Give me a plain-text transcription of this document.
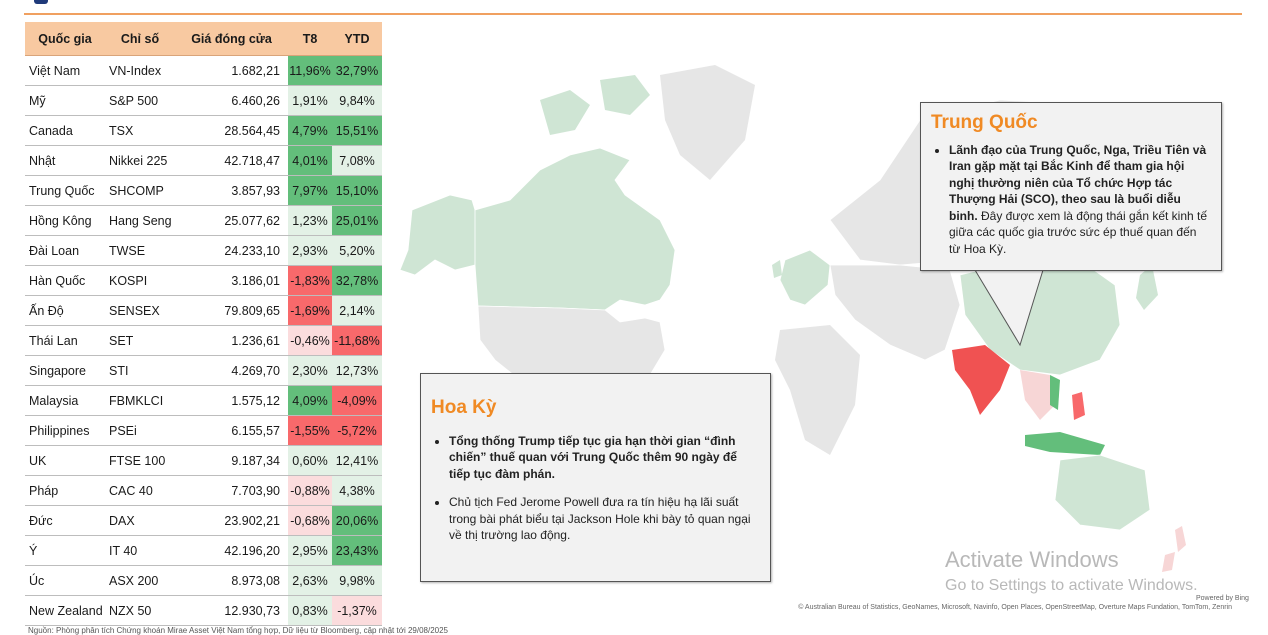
Quốc gia	Chỉ số	Giá đóng cửa	T8	YTD
Việt Nam	VN-Index	1.682,21	11,96%	32,79%
Mỹ	S&P 500	6.460,26	1,91%	9,84%
Canada	TSX	28.564,45	4,79%	15,51%
Nhật	Nikkei 225	42.718,47	4,01%	7,08%
Trung Quốc	SHCOMP	3.857,93	7,97%	15,10%
Hồng Kông	Hang Seng	25.077,62	1,23%	25,01%
Đài Loan	TWSE	24.233,10	2,93%	5,20%
Hàn Quốc	KOSPI	3.186,01	-1,83%	32,78%
Ấn Độ	SENSEX	79.809,65	-1,69%	2,14%
Thái Lan	SET	1.236,61	-0,46%	-11,68%
Singapore	STI	4.269,70	2,30%	12,73%
Malaysia	FBMKLCI	1.575,12	4,09%	-4,09%
Philippines	PSEi	6.155,57	-1,55%	-5,72%
UK	FTSE 100	9.187,34	0,60%	12,41%
Pháp	CAC 40	7.703,90	-0,88%	4,38%
Đức	DAX	23.902,21	-0,68%	20,06%
Ý	IT 40	42.196,20	2,95%	23,43%
Úc	ASX 200	8.973,08	2,63%	9,98%
New Zealand	NZX 50	12.930,73	0,83%	-1,37%
Trung Quốc
• Lãnh đạo của Trung Quốc, Nga, Triều Tiên và Iran gặp mặt tại Bắc Kinh để tham gia hội nghị thường niên của Tổ chức Hợp tác Thượng Hải (SCO), theo sau là buổi diễu binh. Đây được xem là động thái gắn kết kinh tế giữa các quốc gia trước sức ép thuế quan đến từ Hoa Kỳ.
Hoa Kỳ
• Tổng thống Trump tiếp tục gia hạn thời gian “đình chiến” thuế quan với Trung Quốc thêm 90 ngày để tiếp tục đàm phán.
• Chủ tịch Fed Jerome Powell đưa ra tín hiệu hạ lãi suất trong bài phát biểu tại Jackson Hole khi bày tỏ quan ngại về thị trường lao động.
Activate Windows
Go to Settings to activate Windows.
Powered by Bing
© Australian Bureau of Statistics, GeoNames, Microsoft, Navinfo, Open Places, OpenStreetMap, Overture Maps Fundation, TomTom, Zenrin
Nguồn: Phòng phân tích Chứng khoán Mirae Asset Việt Nam tổng hợp, Dữ liệu từ Bloomberg, cập nhật tới 29/08/2025
